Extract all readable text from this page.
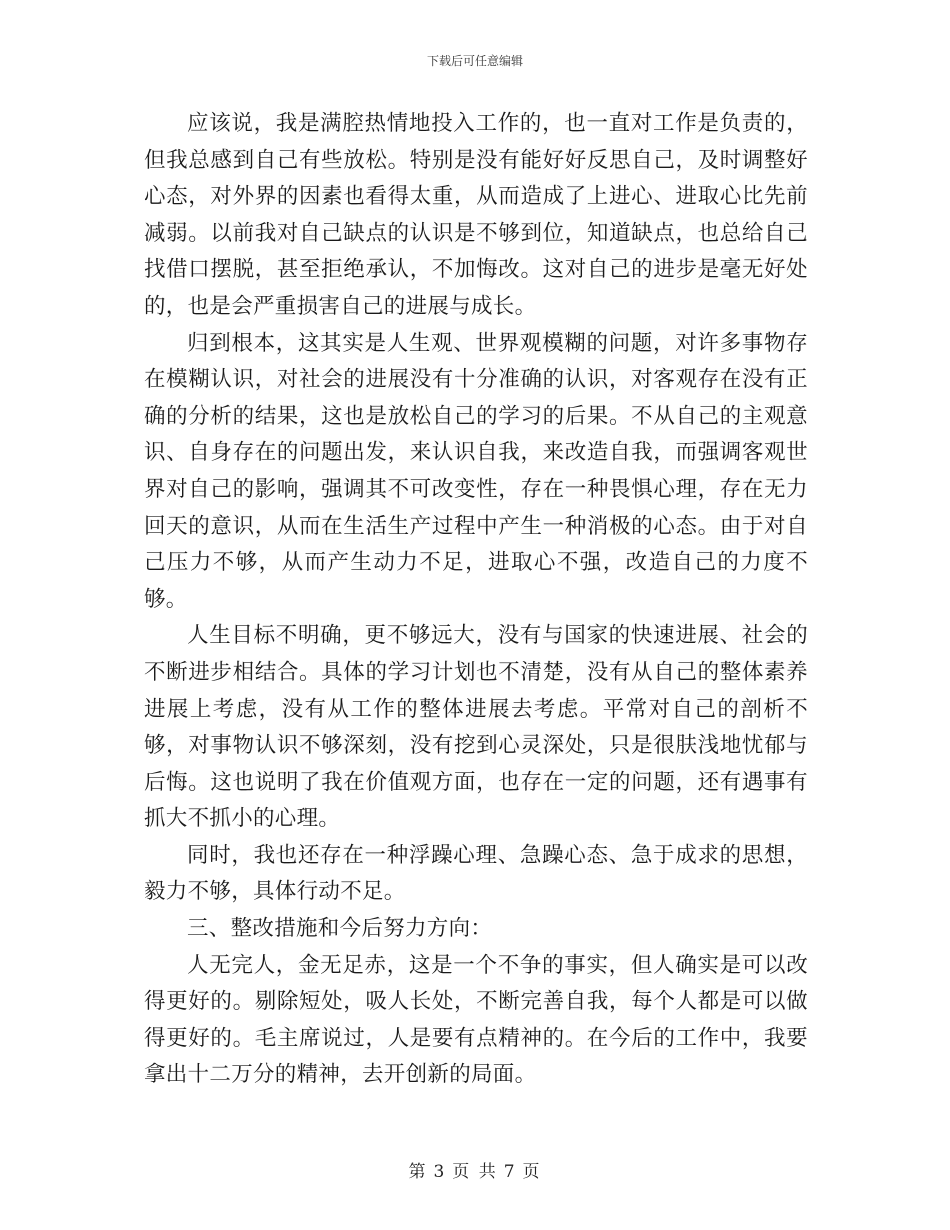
下载后可任意编辑

应该说，我是满腔热情地投入工作的，也一直对工作是负责的，但我总感到自己有些放松。特别是没有能好好反思自己，及时调整好心态，对外界的因素也看得太重，从而造成了上进心、进取心比先前减弱。以前我对自己缺点的认识是不够到位，知道缺点，也总给自己找借口摆脱，甚至拒绝承认，不加悔改。这对自己的进步是毫无好处的，也是会严重损害自己的进展与成长。

归到根本，这其实是人生观、世界观模糊的问题，对许多事物存在模糊认识，对社会的进展没有十分准确的认识，对客观存在没有正确的分析的结果，这也是放松自己的学习的后果。不从自己的主观意识、自身存在的问题出发，来认识自我，来改造自我，而强调客观世界对自己的影响，强调其不可改变性，存在一种畏惧心理，存在无力回天的意识，从而在生活生产过程中产生一种消极的心态。由于对自己压力不够，从而产生动力不足，进取心不强，改造自己的力度不够。

人生目标不明确，更不够远大，没有与国家的快速进展、社会的不断进步相结合。具体的学习计划也不清楚，没有从自己的整体素养进展上考虑，没有从工作的整体进展去考虑。平常对自己的剖析不够，对事物认识不够深刻，没有挖到心灵深处，只是很肤浅地忧郁与后悔。这也说明了我在价值观方面，也存在一定的问题，还有遇事有抓大不抓小的心理。

同时，我也还存在一种浮躁心理、急躁心态、急于成求的思想，毅力不够，具体行动不足。

三、整改措施和今后努力方向：

人无完人，金无足赤，这是一个不争的事实，但人确实是可以改得更好的。剔除短处，吸人长处，不断完善自我，每个人都是可以做得更好的。毛主席说过，人是要有点精神的。在今后的工作中，我要拿出十二万分的精神，去开创新的局面。

第 3 页 共 7 页
